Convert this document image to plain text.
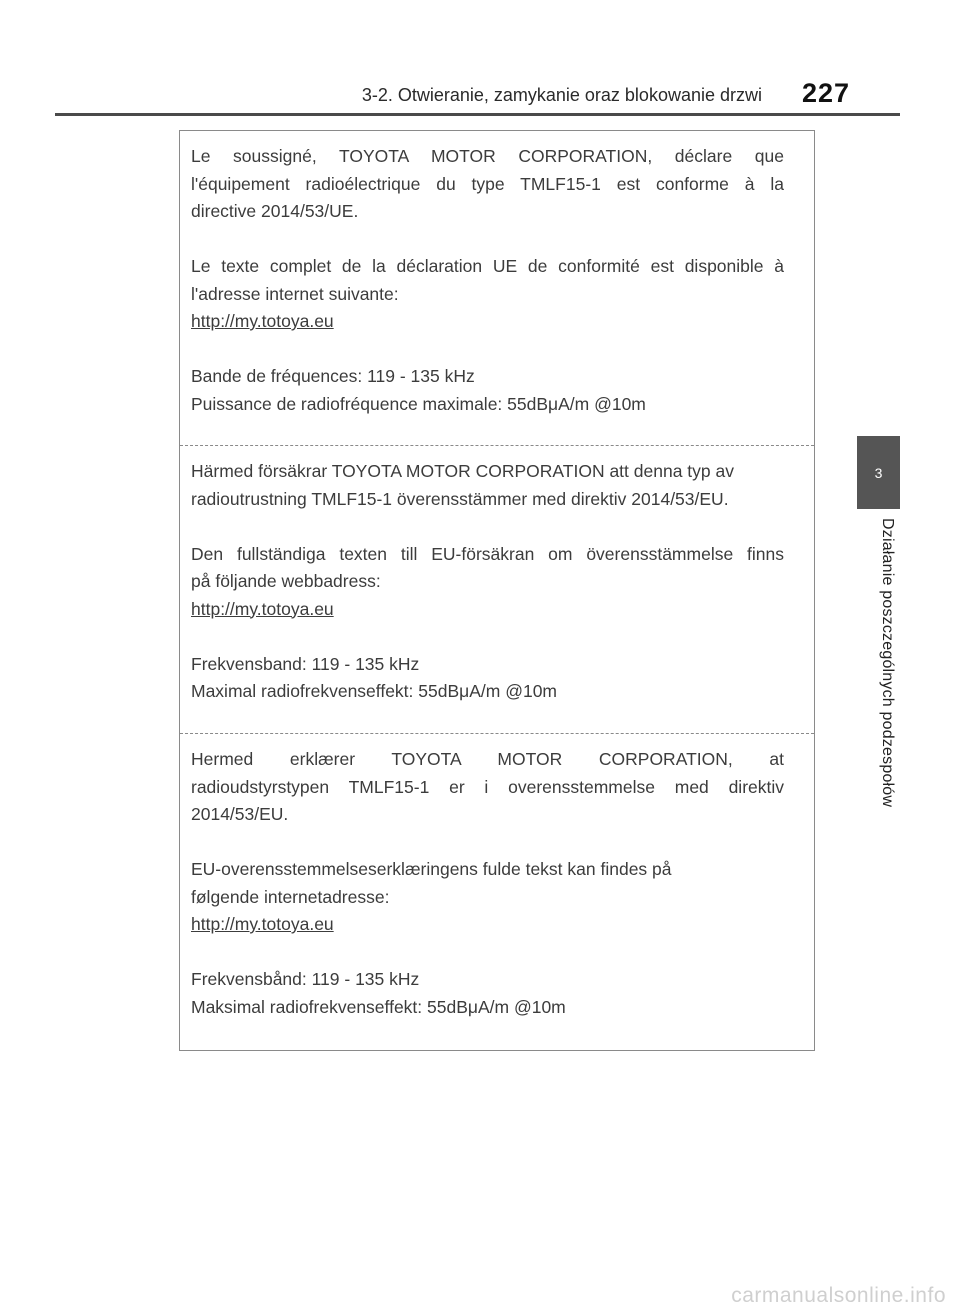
3-2. Otwieranie, zamykanie oraz blokowanie drzwi 227
3
Działanie poszczególnych podzespołów

Le soussigné, TOYOTA MOTOR CORPORATION, déclare que

l'équipement radioélectrique du type TMLF15-1 est conforme à la

directive 2014/53/UE.

Le texte complet de la déclaration UE de conformité est disponible à

l'adresse internet suivante:

http://my.totoya.eu

Bande de fréquences: 119 - 135 kHz

Puissance de radiofréquence maximale: 55dBμA/m @10m

Härmed försäkrar TOYOTA MOTOR CORPORATION att denna typ av

radioutrustning TMLF15-1 överensstämmer med direktiv 2014/53/EU.

Den fullständiga texten till EU-försäkran om överensstämmelse finns

på följande webbadress:

http://my.totoya.eu

Frekvensband: 119 - 135 kHz

Maximal radiofrekvenseffekt: 55dBμA/m @10m

Hermed erklærer TOYOTA MOTOR CORPORATION, at

radioudstyrstypen TMLF15-1 er i overensstemmelse med direktiv

2014/53/EU.

EU-overensstemmelseserklæringens fulde tekst kan findes på

følgende internetadresse:

http://my.totoya.eu

Frekvensbånd: 119 - 135 kHz

Maksimal radiofrekvenseffekt: 55dBμA/m @10m

carmanualsonline.info
